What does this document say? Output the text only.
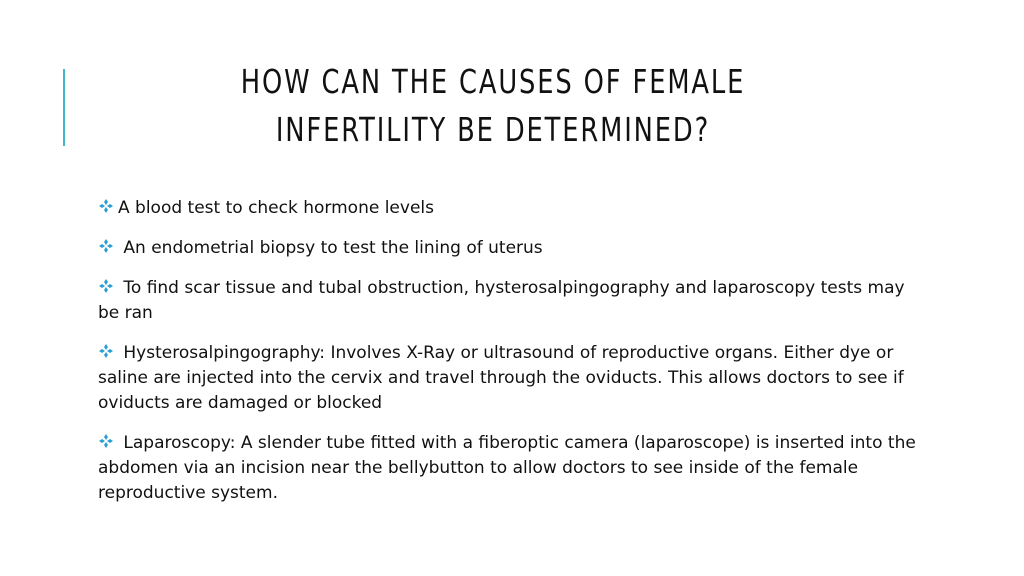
HOW CAN THE CAUSES OF FEMALE INFERTILITY BE DETERMINED?
A blood test to check hormone levels
An endometrial biopsy to test the lining of uterus
To find scar tissue and tubal obstruction, hysterosalpingography and laparoscopy tests may be ran
Hysterosalpingography: Involves X-Ray or ultrasound of reproductive organs. Either dye or saline are injected into the cervix and travel through the oviducts. This allows doctors to see if oviducts are damaged or blocked
Laparoscopy: A slender tube fitted with a fiberoptic camera (laparoscope) is inserted into the abdomen via an incision near the bellybutton to allow doctors to see inside of the female reproductive system.
